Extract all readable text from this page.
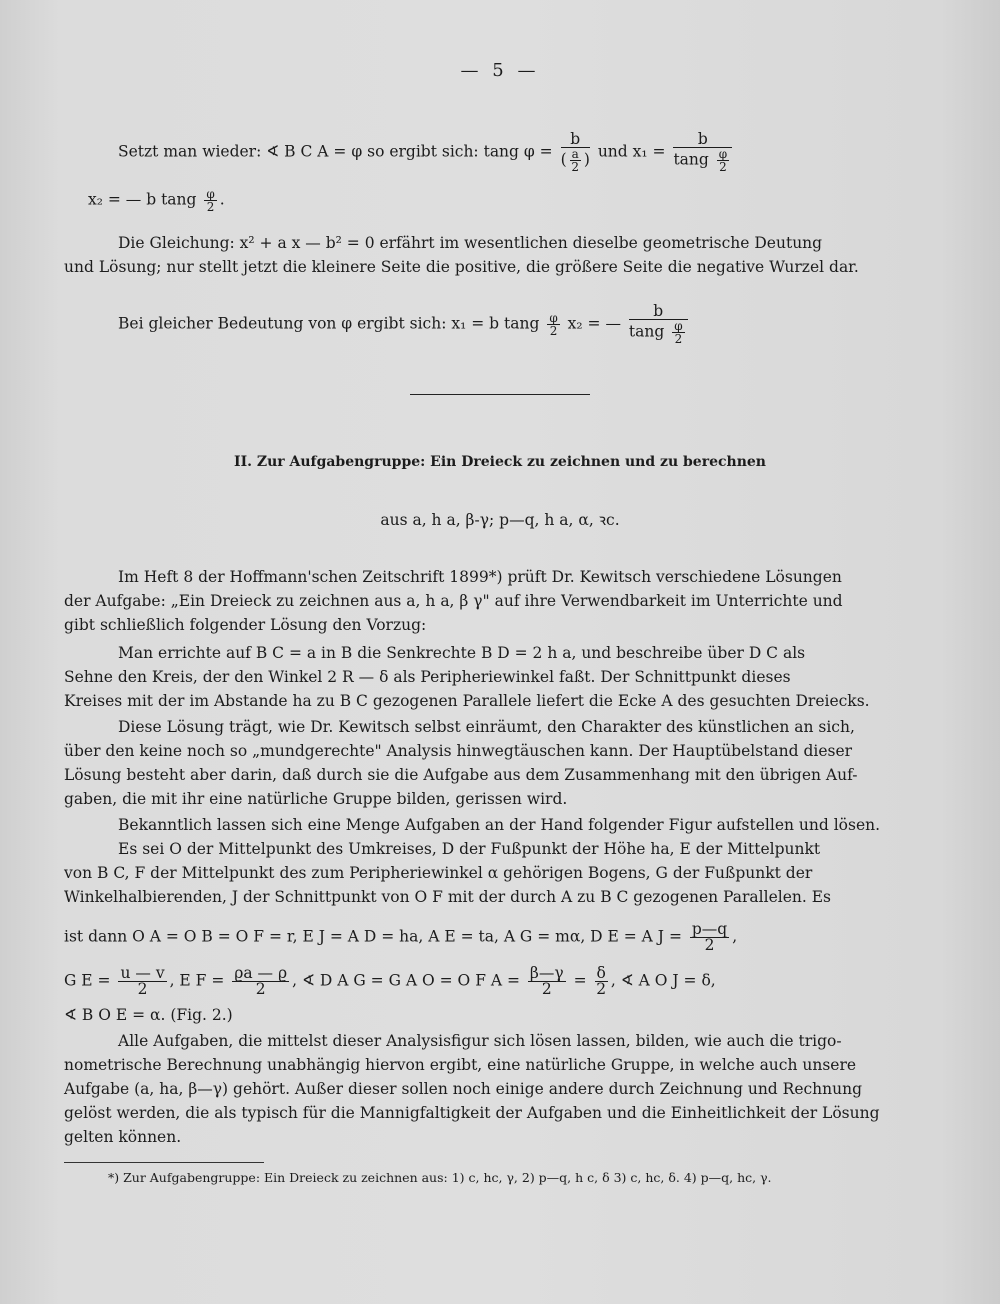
— 5 —
Setzt man wieder: ∢ B C A = φ so ergibt sich: tang $\varphi = \frac{b}{( \frac{a}{2} )}$ und $x_1 = \frac{b}{\tan g \frac{\varphi}{2}}$
x₂ = — b tang $\frac{\varphi}{2}$ .
Die Gleichung: x² + a x — b² = 0 erfährt im wesentlichen dieselbe geometrische Deutung
und Lösung; nur stellt jetzt die kleinere Seite die positive, die größere Seite die negative Wurzel dar.
Bei gleicher Bedeutung von φ ergibt sich: x₁ = b tang $\frac{\varphi}{2} x_2$ = — $\frac{b}{\tan g \frac{\varphi}{2}}$
II. Zur Aufgabengruppe: Ein Dreieck zu zeichnen und zu berechnen
aus a, h a, β-γ; p—q, h a, α, ꝛc.
Im Heft 8 der Hoffmann'schen Zeitschrift 1899*) prüft Dr. Kewitsch verschiedene Lösungen
der Aufgabe: „Ein Dreieck zu zeichnen aus a, h a, β γ" auf ihre Verwendbarkeit im Unterrichte und
gibt schließlich folgender Lösung den Vorzug:
Man errichte auf B C = a in B die Senkrechte B D = 2 h a, und beschreibe über D C als
Sehne den Kreis, der den Winkel 2 R — δ als Peripheriewinkel faßt. Der Schnittpunkt dieses
Kreises mit der im Abstande ha zu B C gezogenen Parallele liefert die Ecke A des gesuchten Dreiecks.
Diese Lösung trägt, wie Dr. Kewitsch selbst einräumt, den Charakter des künstlichen an sich,
über den keine noch so „mundgerechte" Analysis hinwegtäuschen kann. Der Hauptübelstand dieser
Lösung besteht aber darin, daß durch sie die Aufgabe aus dem Zusammenhang mit den übrigen Auf-
gaben, die mit ihr eine natürliche Gruppe bilden, gerissen wird.
Bekanntlich lassen sich eine Menge Aufgaben an der Hand folgender Figur aufstellen und lösen.
Es sei O der Mittelpunkt des Umkreises, D der Fußpunkt der Höhe ha, E der Mittelpunkt
von B C, F der Mittelpunkt des zum Peripheriewinkel α gehörigen Bogens, G der Fußpunkt der
Winkelhalbierenden, J der Schnittpunkt von O F mit der durch A zu B C gezogenen Parallelen. Es
ist dann O A = O B = O F = r, E J = A D = ha, A E = ta, A G = mα, D E = A $J = \frac{p—q}{2}$ ,
G $E = \frac{u — v}{2}$ , E $F = \frac{ϱa — ϱ}{2}$ , ∢ D A G = G A O = O F $A = \frac{\beta—\gamma}{2} = \frac{\delta}{2}$ , ∢ A O J = δ,
∢ B O E = α. (Fig. 2.)
Alle Aufgaben, die mittelst dieser Analysisfigur sich lösen lassen, bilden, wie auch die trigo-
nometrische Berechnung unabhängig hiervon ergibt, eine natürliche Gruppe, in welche auch unsere
Aufgabe (a, ha, β—γ) gehört. Außer dieser sollen noch einige andere durch Zeichnung und Rechnung
gelöst werden, die als typisch für die Mannigfaltigkeit der Aufgaben und die Einheitlichkeit der Lösung
gelten können.
*) Zur Aufgabengruppe: Ein Dreieck zu zeichnen aus: 1) c, hc, γ, 2) p—q, h c, δ 3) c, hc, δ. 4) p—q, hc, γ.
